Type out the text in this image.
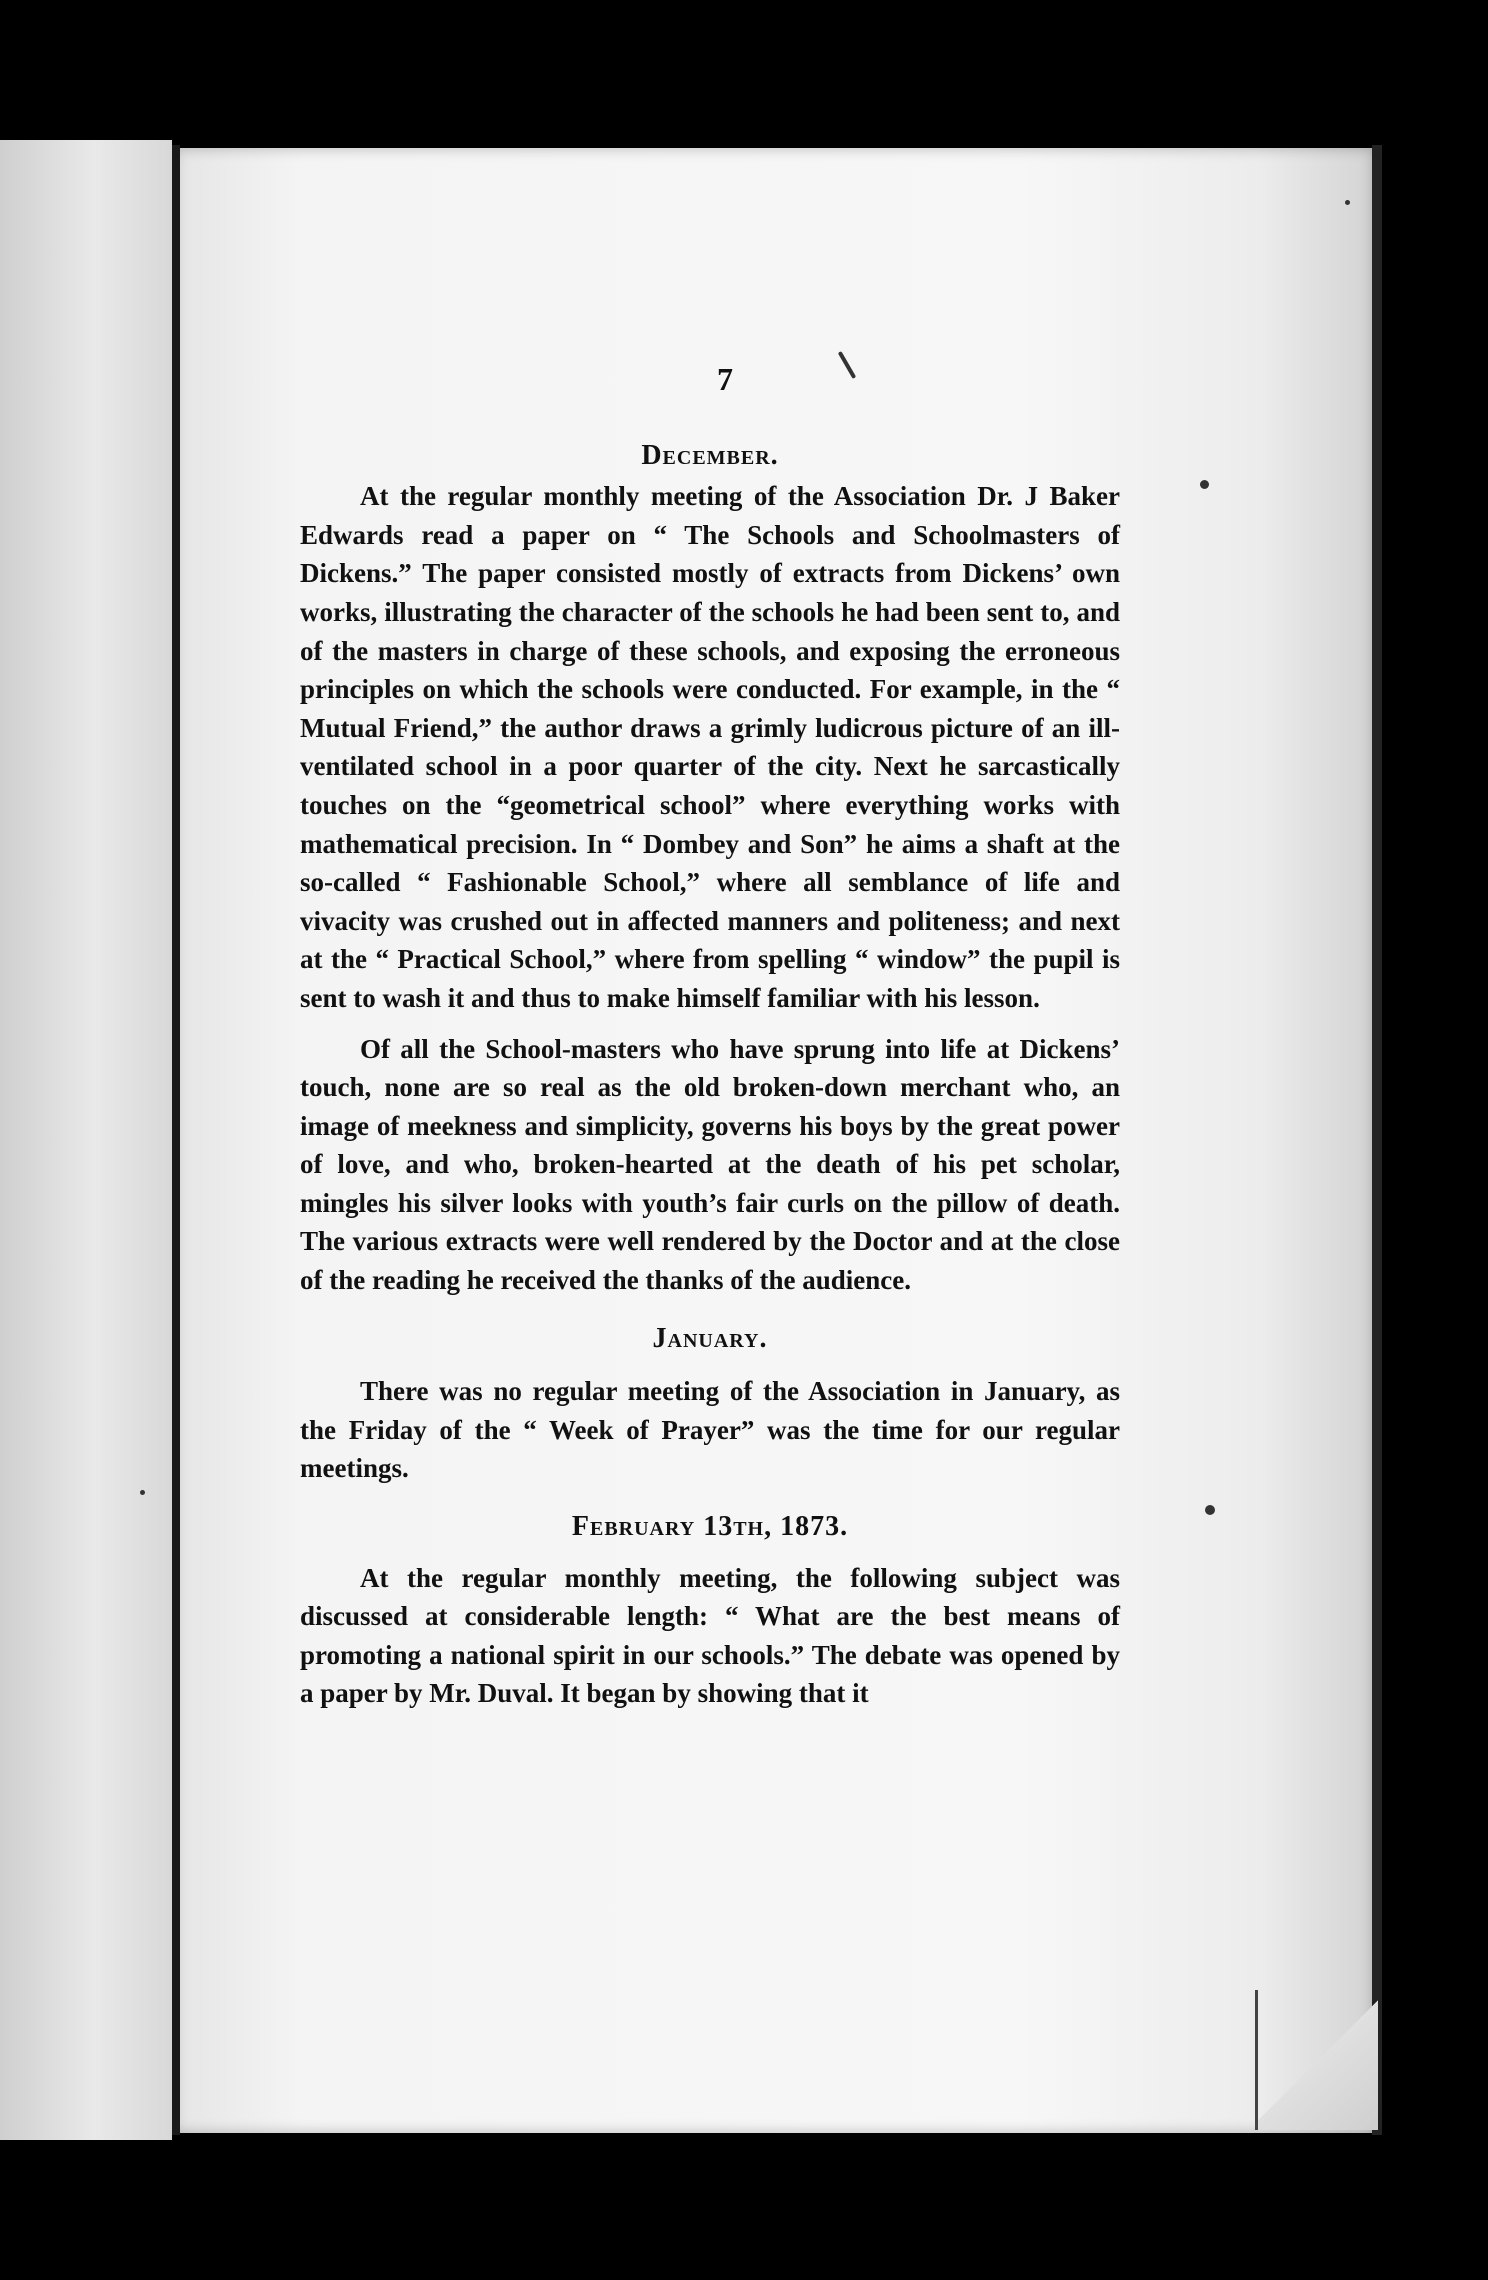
7
December.

At the regular monthly meeting of the Association Dr. J Baker Edwards read a paper on “ The Schools and Schoolmasters of Dickens.” The paper consisted mostly of extracts from Dickens’ own works, illustrating the character of the schools he had been sent to, and of the masters in charge of these schools, and exposing the erroneous principles on which the schools were conducted. For example, in the “ Mutual Friend,” the author draws a grimly ludicrous picture of an ill-ventilated school in a poor quarter of the city. Next he sarcastically touches on the “geometrical school” where everything works with mathematical precision. In “ Dombey and Son” he aims a shaft at the so-called “ Fashionable School,” where all semblance of life and vivacity was crushed out in affected manners and politeness; and next at the “ Practical School,” where from spelling “ window” the pupil is sent to wash it and thus to make himself familiar with his lesson.

Of all the School-masters who have sprung into life at Dickens’ touch, none are so real as the old broken-down merchant who, an image of meekness and simplicity, governs his boys by the great power of love, and who, broken-hearted at the death of his pet scholar, mingles his silver looks with youth’s fair curls on the pillow of death. The various extracts were well rendered by the Doctor and at the close of the reading he received the thanks of the audience.

January.

There was no regular meeting of the Association in January, as the Friday of the “ Week of Prayer” was the time for our regular meetings.

February 13th, 1873.

At the regular monthly meeting, the following subject was discussed at considerable length: “ What are the best means of promoting a national spirit in our schools.” The debate was opened by a paper by Mr. Duval. It began by showing that it
